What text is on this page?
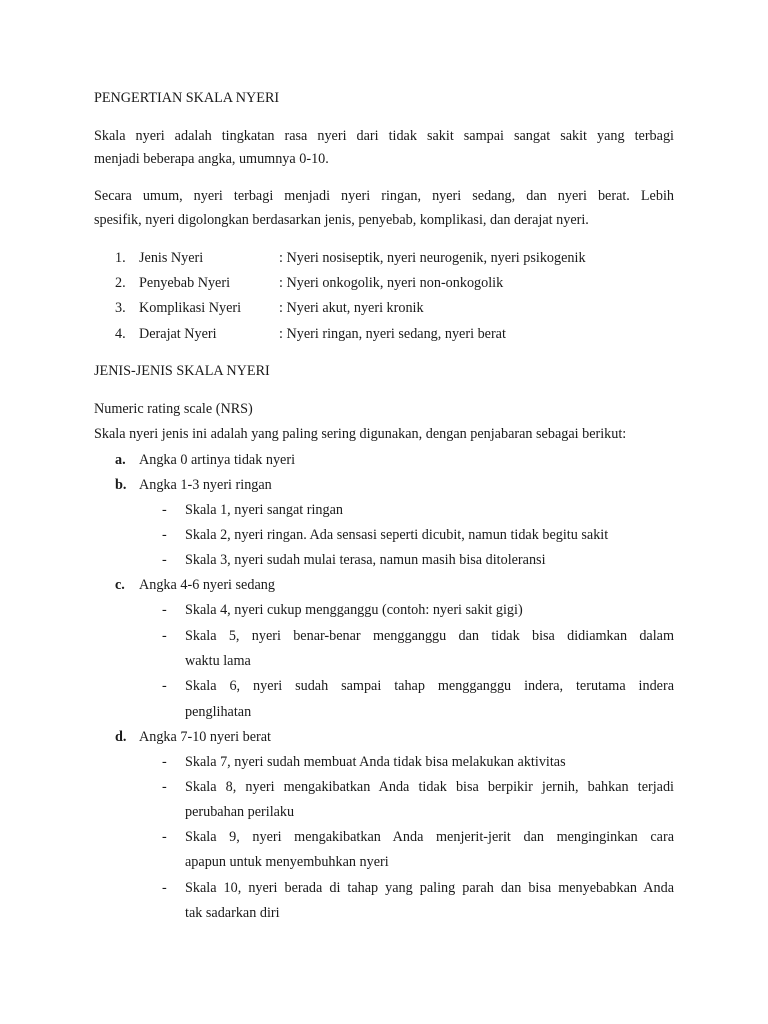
PENGERTIAN SKALA NYERI
Skala nyeri adalah tingkatan rasa nyeri dari tidak sakit sampai sangat sakit yang terbagi
menjadi beberapa angka, umumnya 0-10.
Secara umum, nyeri terbagi menjadi nyeri ringan, nyeri sedang, dan nyeri berat. Lebih
spesifik, nyeri digolongkan berdasarkan jenis, penyebab, komplikasi, dan derajat nyeri.
1. Jenis Nyeri	: Nyeri nosiseptik, nyeri neurogenik, nyeri psikogenik
2. Penyebab Nyeri	: Nyeri onkogolik, nyeri non-onkogolik
3. Komplikasi Nyeri	: Nyeri akut, nyeri kronik
4. Derajat Nyeri	: Nyeri ringan, nyeri sedang, nyeri berat
JENIS-JENIS SKALA NYERI
Numeric rating scale (NRS)
Skala nyeri jenis ini adalah yang paling sering digunakan, dengan penjabaran sebagai berikut:
a. Angka 0 artinya tidak nyeri
b. Angka 1-3 nyeri ringan
- Skala 1, nyeri sangat ringan
- Skala 2, nyeri ringan. Ada sensasi seperti dicubit, namun tidak begitu sakit
- Skala 3, nyeri sudah mulai terasa, namun masih bisa ditoleransi
c. Angka 4-6 nyeri sedang
- Skala 4, nyeri cukup mengganggu (contoh: nyeri sakit gigi)
- Skala 5, nyeri benar-benar mengganggu dan tidak bisa didiamkan dalam
waktu lama
- Skala 6, nyeri sudah sampai tahap mengganggu indera, terutama indera
penglihatan
d. Angka 7-10 nyeri berat
- Skala 7, nyeri sudah membuat Anda tidak bisa melakukan aktivitas
- Skala 8, nyeri mengakibatkan Anda tidak bisa berpikir jernih, bahkan terjadi
perubahan perilaku
- Skala 9, nyeri mengakibatkan Anda menjerit-jerit dan menginginkan cara
apapun untuk menyembuhkan nyeri
- Skala 10, nyeri berada di tahap yang paling parah dan bisa menyebabkan Anda
tak sadarkan diri
